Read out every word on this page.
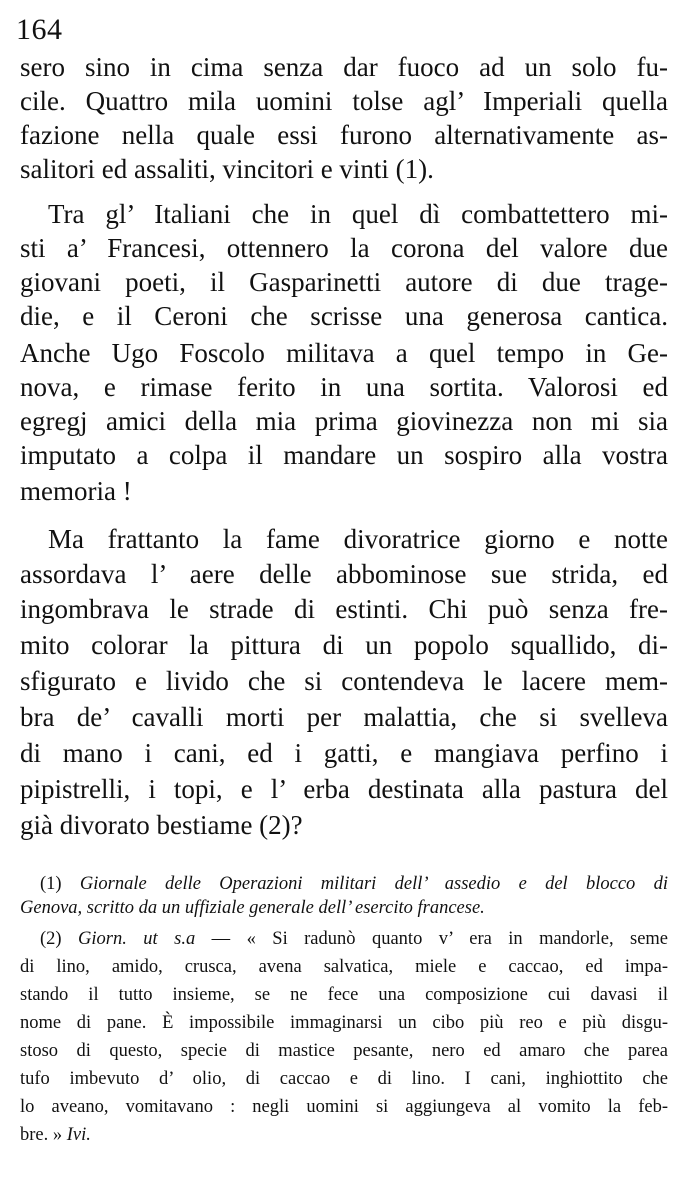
164
sero sino in cima senza dar fuoco ad un solo fu-
cile. Quattro mila uomini tolse agl’ Imperiali quella
fazione nella quale essi furono alternativamente as-
salitori ed assaliti, vincitori e vinti (1).
Tra gl’ Italiani che in quel dì combattettero mi-
sti a’ Francesi, ottennero la corona del valore due
giovani poeti, il Gasparinetti autore di due trage-
die, e il Ceroni che scrisse una generosa cantica.
Anche Ugo Foscolo militava a quel tempo in Ge-
nova, e rimase ferito in una sortita. Valorosi ed
egregj amici della mia prima giovinezza non mi sia
imputato a colpa il mandare un sospiro alla vostra
memoria !
Ma frattanto la fame divoratrice giorno e notte
assordava l’ aere delle abbominose sue strida, ed
ingombrava le strade di estinti. Chi può senza fre-
mito colorar la pittura di un popolo squallido, di-
sfigurato e livido che si contendeva le lacere mem-
bra de’ cavalli morti per malattia, che si svelleva
di mano i cani, ed i gatti, e mangiava perfino i
pipistrelli, i topi, e l’ erba destinata alla pastura del
già divorato bestiame (2)?
(1) Giornale delle Operazioni militari dell’ assedio e del blocco di
Genova, scritto da un uffiziale generale dell’ esercito francese.
(2) Giorn. ut s.a — « Si radunò quanto v’ era in mandorle, seme
di lino, amido, crusca, avena salvatica, miele e caccao, ed impa-
stando il tutto insieme, se ne fece una composizione cui davasi il
nome di pane. È impossibile immaginarsi un cibo più reo e più disgu-
stoso di questo, specie di mastice pesante, nero ed amaro che parea
tufo imbevuto d’ olio, di caccao e di lino. I cani, inghiottito che
lo aveano, vomitavano : negli uomini si aggiungeva al vomito la feb-
bre. » Ivi.
